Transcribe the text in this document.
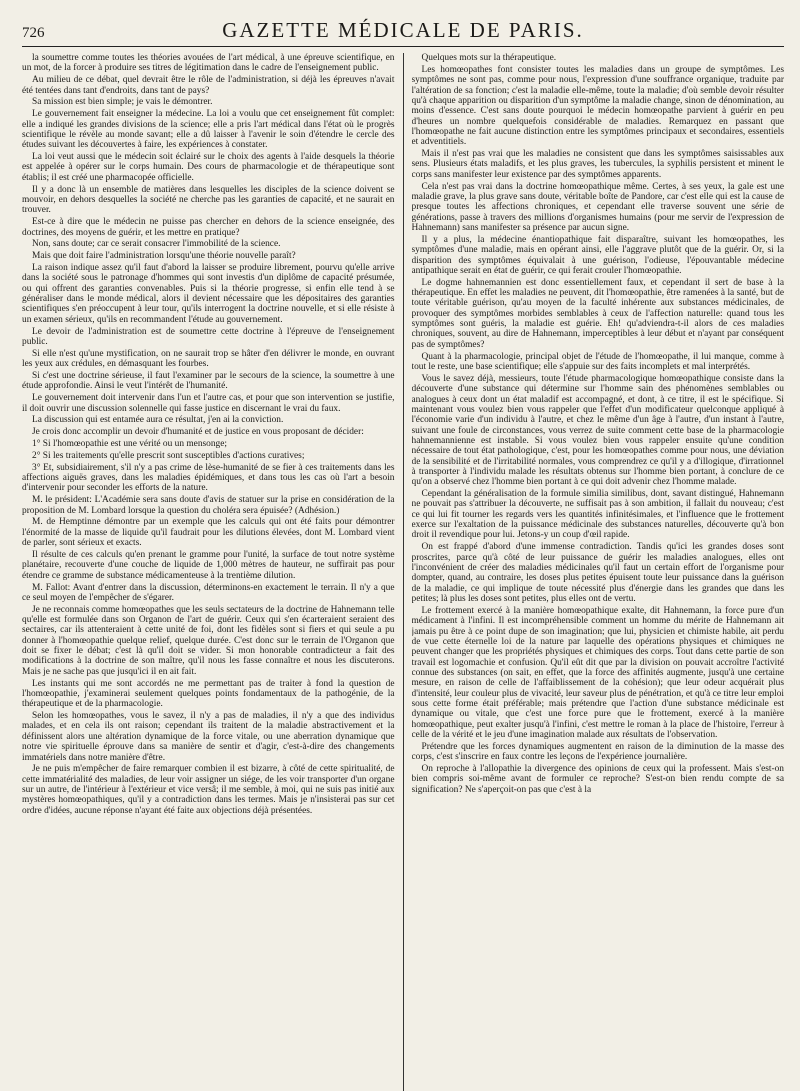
726	GAZETTE MÉDICALE DE PARIS.

la soumettre comme toutes les théories avouées de l'art médical, à une épreuve scientifique, en un mot, de la forcer à produire ses titres de légitimation dans le cadre de l'enseignement public.

Au milieu de ce débat, quel devrait être le rôle de l'administration, si déjà les épreuves n'avait été tentées dans tant d'endroits, dans tant de pays?

Sa mission est bien simple; je vais le démontrer.

Le gouvernement fait enseigner la médecine. La loi a voulu que cet enseignement fût complet: elle a indiqué les grandes divisions de la science; elle a pris l'art médical dans l'état où le progrès scientifique le révèle au monde savant; elle a dû laisser à l'avenir le soin d'étendre le cercle des études suivant les découvertes à faire, les expériences à constater.

La loi veut aussi que le médecin soit éclairé sur le choix des agents à l'aide desquels la théorie est appelée à opérer sur le corps humain. Des cours de pharmacologie et de thérapeutique sont établis; il est créé une pharmacopée officielle.

Il y a donc là un ensemble de matières dans lesquelles les disciples de la science doivent se mouvoir, en dehors desquelles la société ne cherche pas les garanties de capacité, et ne saurait en trouver.

Est-ce à dire que le médecin ne puisse pas chercher en dehors de la science enseignée, des doctrines, des moyens de guérir, et les mettre en pratique?

Non, sans doute; car ce serait consacrer l'immobilité de la science.

Mais que doit faire l'administration lorsqu'une théorie nouvelle paraît?

La raison indique assez qu'il faut d'abord la laisser se produire librement, pourvu qu'elle arrive dans la société sous le patronage d'hommes qui sont investis d'un diplôme de capacité présumée, ou qui offrent des garanties convenables. Puis si la théorie progresse, si enfin elle tend à se généraliser dans le monde médical, alors il devient nécessaire que les dépositaires des garanties scientifiques s'en préoccupent à leur tour, qu'ils interrogent la doctrine nouvelle, et si elle résiste à un examen sérieux, qu'ils en recommandent l'étude au gouvernement.

Le devoir de l'administration est de soumettre cette doctrine à l'épreuve de l'enseignement public.

Si elle n'est qu'une mystification, on ne saurait trop se hâter d'en délivrer le monde, en ouvrant les yeux aux crédules, en démasquant les fourbes.

Si c'est une doctrine sérieuse, il faut l'examiner par le secours de la science, la soumettre à une étude approfondie. Ainsi le veut l'intérêt de l'humanité.

Le gouvernement doit intervenir dans l'un et l'autre cas, et pour que son intervention se justifie, il doit ouvrir une discussion solennelle qui fasse justice en discernant le vrai du faux.

La discussion qui est entamée aura ce résultat, j'en ai la conviction.

Je crois donc accomplir un devoir d'humanité et de justice en vous proposant de décider:

1° Si l'homœopathie est une vérité ou un mensonge;

2° Si les traitements qu'elle prescrit sont susceptibles d'actions curatives;

3° Et, subsidiairement, s'il n'y a pas crime de lèse-humanité de se fier à ces traitements dans les affections aiguës graves, dans les maladies épidémiques, et dans tous les cas où l'art a besoin d'intervenir pour seconder les efforts de la nature.

M. le président: L'Académie sera sans doute d'avis de statuer sur la prise en considération de la proposition de M. Lombard lorsque la question du choléra sera épuisée? (Adhésion.)

M. de Hemptinne démontre par un exemple que les calculs qui ont été faits pour démontrer l'énormité de la masse de liquide qu'il faudrait pour les dilutions élevées, dont M. Lombard vient de parler, sont sérieux et exacts.

Il résulte de ces calculs qu'en prenant le gramme pour l'unité, la surface de tout notre système planétaire, recouverte d'une couche de liquide de 1,000 mètres de hauteur, ne suffirait pas pour étendre ce gramme de substance médicamenteuse à la trentième dilution.

M. Fallot: Avant d'entrer dans la discussion, déterminons-en exactement le terrain. Il n'y a que ce seul moyen de l'empêcher de s'égarer.

Je ne reconnais comme homœopathes que les seuls sectateurs de la doctrine de Hahnemann telle qu'elle est formulée dans son Organon de l'art de guérir. Ceux qui s'en écarteraient seraient des sectaires, car ils attenteraient à cette unité de foi, dont les fidèles sont si fiers et qui seule a pu donner à l'homœopathie quelque relief, quelque durée. C'est donc sur le terrain de l'Organon que doit se fixer le débat; c'est là qu'il doit se vider. Si mon honorable contradicteur a fait des modifications à la doctrine de son maître, qu'il nous les fasse connaître et nous les discuterons. Mais je ne sache pas que jusqu'ici il en ait fait.

Les instants qui me sont accordés ne me permettant pas de traiter à fond la question de l'homœopathie, j'examinerai seulement quelques points fondamentaux de la pathogénie, de la thérapeutique et de la pharmacologie.

Selon les homœopathes, vous le savez, il n'y a pas de maladies, il n'y a que des individus malades, et en cela ils ont raison; cependant ils traitent de la maladie abstractivement et la définissent alors une altération dynamique de la force vitale, ou une aberration dynamique que notre vie spirituelle éprouve dans sa manière de sentir et d'agir, c'est-à-dire des changements immatériels dans notre manière d'être.

Je ne puis m'empêcher de faire remarquer combien il est bizarre, à côté de cette spiritualité, de cette immatérialité des maladies, de leur voir assigner un siége, de les voir transporter d'un organe sur un autre, de l'intérieur à l'extérieur et vice versâ; il me semble, à moi, qui ne suis pas initié aux mystères homœopathiques, qu'il y a contradiction dans les termes. Mais je n'insisterai pas sur cet ordre d'idées, aucune réponse n'ayant été faite aux objections déjà présentées.

Quelques mots sur la thérapeutique.

Les homœopathes font consister toutes les maladies dans un groupe de symptômes. Les symptômes ne sont pas, comme pour nous, l'expression d'une souffrance organique, traduite par l'altération de sa fonction; c'est la maladie elle-même, toute la maladie; d'où semble devoir résulter qu'à chaque apparition ou disparition d'un symptôme la maladie change, sinon de dénomination, au moins d'essence. C'est sans doute pourquoi le médecin homœopathe parvient à guérir en peu d'heures un nombre quelquefois considérable de maladies. Remarquez en passant que l'homœopathe ne fait aucune distinction entre les symptômes principaux et secondaires, essentiels et adventitiels.

Mais il n'est pas vrai que les maladies ne consistent que dans les symptômes saisissables aux sens. Plusieurs états maladifs, et les plus graves, les tubercules, la syphilis persistent et minent le corps sans manifester leur existence par des symptômes apparents.

Cela n'est pas vrai dans la doctrine homœopathique même. Certes, à ses yeux, la gale est une maladie grave, la plus grave sans doute, véritable boîte de Pandore, car c'est elle qui est la cause de presque toutes les affections chroniques, et cependant elle traverse souvent une série de générations, passe à travers des millions d'organismes humains (pour me servir de l'expression de Hahnemann) sans manifester sa présence par aucun signe.

Il y a plus, la médecine énantiopathique fait disparaître, suivant les homœopathes, les symptômes d'une maladie, mais en opérant ainsi, elle l'aggrave plutôt que de la guérir. Or, si la disparition des symptômes équivalait à une guérison, l'odieuse, l'épouvantable médecine antipathique serait en état de guérir, ce qui ferait crouler l'homœopathie.

Le dogme hahnemannien est donc essentiellement faux, et cependant il sert de base à la thérapeutique. En effet les maladies ne peuvent, dit l'homœopathie, être ramenées à la santé, but de toute véritable guérison, qu'au moyen de la faculté inhérente aux substances médicinales, de provoquer des symptômes morbides semblables à ceux de l'affection naturelle: quand tous les symptômes sont guéris, la maladie est guérie. Eh! qu'adviendra-t-il alors de ces maladies chroniques, souvent, au dire de Hahnemann, imperceptibles à leur début et n'ayant par conséquent pas de symptômes?

Quant à la pharmacologie, principal objet de l'étude de l'homœopathe, il lui manque, comme à tout le reste, une base scientifique; elle s'appuie sur des faits incomplets et mal interprétés.

Vous le savez déjà, messieurs, toute l'étude pharmacologique homœopathique consiste dans la découverte d'une substance qui détermine sur l'homme sain des phénomènes semblables ou analogues à ceux dont un état maladif est accompagné, et dont, à ce titre, il est le spécifique. Si maintenant vous voulez bien vous rappeler que l'effet d'un modificateur quelconque appliqué à l'économie varie d'un individu à l'autre, et chez le même d'un âge à l'autre, d'un instant à l'autre, suivant une foule de circonstances, vous verrez de suite comment cette base de la pharmacologie hahnemannienne est instable. Si vous voulez bien vous rappeler ensuite qu'une condition nécessaire de tout état pathologique, c'est, pour les homœopathes comme pour nous, une déviation de la sensibilité et de l'irritabilité normales, vous comprendrez ce qu'il y a d'illogique, d'irrationnel à transporter à l'individu malade les résultats obtenus sur l'homme bien portant, à conclure de ce qu'on a observé chez l'homme bien portant à ce qui doit advenir chez l'homme malade.

Cependant la généralisation de la formule similia similibus, dont, savant distingué, Hahnemann ne pouvait pas s'attribuer la découverte, ne suffisait pas à son ambition, il fallait du nouveau; c'est ce qui lui fit tourner les regards vers les quantités infinitésimales, et l'influence que le frottement exerce sur l'exaltation de la puissance médicinale des substances naturelles, découverte qu'à bon droit il revendique pour lui. Jetons-y un coup d'œil rapide.

On est frappé d'abord d'une immense contradiction. Tandis qu'ici les grandes doses sont proscrites, parce qu'à côté de leur puissance de guérir les maladies analogues, elles ont l'inconvénient de créer des maladies médicinales qu'il faut un certain effort de l'organisme pour dompter, quand, au contraire, les doses plus petites épuisent toute leur puissance dans la guérison de la maladie, ce qui implique de toute nécessité plus d'énergie dans les grandes que dans les petites; là plus les doses sont petites, plus elles ont de vertu.

Le frottement exercé à la manière homœopathique exalte, dit Hahnemann, la force pure d'un médicament à l'infini. Il est incompréhensible comment un homme du mérite de Hahnemann ait jamais pu être à ce point dupe de son imagination; que lui, physicien et chimiste habile, ait perdu de vue cette éternelle loi de la nature par laquelle des opérations physiques et chimiques ne peuvent changer que les propriétés physiques et chimiques des corps. Tout dans cette partie de son travail est logomachie et confusion. Qu'il eût dit que par la division on pouvait accroître l'activité connue des substances (on sait, en effet, que la force des affinités augmente, jusqu'à une certaine mesure, en raison de celle de l'affaiblissement de la cohésion); que leur odeur acquérait plus d'intensité, leur couleur plus de vivacité, leur saveur plus de pénétration, et qu'à ce titre leur emploi sous cette forme était préférable; mais prétendre que l'action d'une substance médicinale est dynamique ou vitale, que c'est une force pure que le frottement, exercé à la manière homœopathique, peut exalter jusqu'à l'infini, c'est mettre le roman à la place de l'histoire, l'erreur à celle de la vérité et le jeu d'une imagination malade aux résultats de l'observation.

Prétendre que les forces dynamiques augmentent en raison de la diminution de la masse des corps, c'est s'inscrire en faux contre les leçons de l'expérience journalière.

On reproche à l'allopathie la divergence des opinions de ceux qui la professent. Mais s'est-on bien compris soi-même avant de formuler ce reproche? S'est-on bien rendu compte de sa signification? Ne s'aperçoit-on pas que c'est à la
